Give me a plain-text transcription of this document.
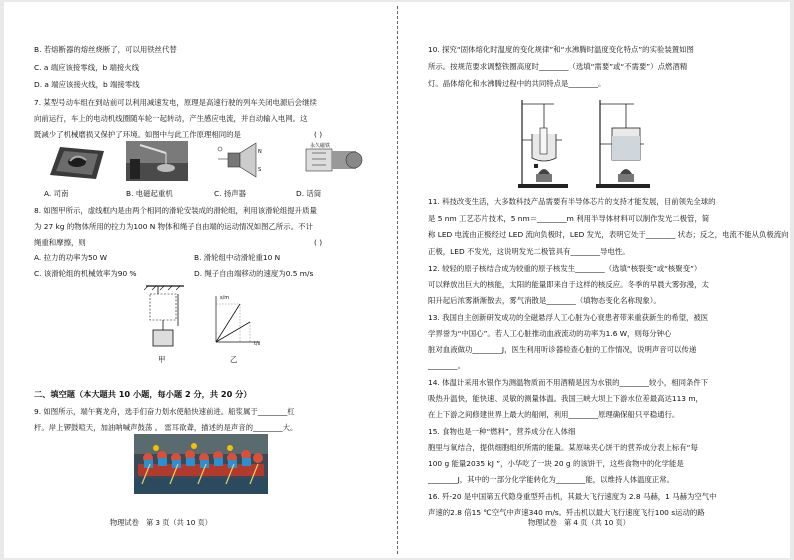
B. 若熔断器的熔丝烧断了，可以用铁丝代替
C. a 端应该接零线，b 端接火线
D. a 端应该接火线，b 端接零线
7. 某型号动车组在到站前可以利用减速发电，原理是高速行驶的列车关闭电源后会继续
向前运行，车上的电动机线圈随车轮一起转动，产生感应电流，并自动输入电网。这
既减少了机械磨损又保护了环境。如图中与此工作原理相同的是	( )
N
S
永久磁铁
A. 司南	B. 电磁起重机	C. 扬声器	D. 话筒
8. 如图甲所示，虚线框内是由两个相同的滑轮安装成的滑轮组，利用该滑轮组提升质量
为 27 kg 的物体所用的拉力为100 N 物体和绳子自由端的运动情况如图乙所示。不计
绳重和摩擦，则	( )
A. 拉力的功率为50 W	B. 滑轮组中动滑轮重10 N
C. 该滑轮组的机械效率为90 %	D. 绳子自由端移动的速度为0.5 m/s
甲
s/m
t/s
乙
二、填空题（本大题共 10 小题，每小题 2 分，共 20 分）
9. 如图所示，端午赛龙舟，选手们奋力划水使船快速前进。船浆属于________杠
杆。岸上锣鼓喧天，加油呐喊声鼓荡 。 雷耳欲聋，描述的是声音的________大。
物理试卷　第 3 页（共 10 页）
10. 探究“固体熔化时温度的变化规律”和“水沸腾时温度变化特点”的实验装置如图
所示。按规范要求调整铁圈高度时________（选填“需要”或“不需要”）点燃酒精
灯。晶体熔化和水沸腾过程中的共同特点是________。
11. 科技改变生活，大多数科技产品需要有半导体芯片的支持才能发展，目前领先全球的
是 5 nm 工艺芯片技术，5 nm＝________m 利用半导体材料可以制作发光二极管，简
称 LED 电流由正极经过 LED 流向负极时，LED 发光，表明它处于________ 状态；反之，电流不能从负极流向
正极，LED 不发光，这说明发光二极管具有________导电性。
12. 较轻的原子核结合成为较重的原子核发生________（选填“核裂变”或“核聚变”）
可以释放出巨大的核能，太阳的能量即来自于这样的核反应。冬季的早晨大雾弥漫，太
阳升起后浓雾渐渐散去，雾气消散是________（填物态变化名称现象）。
13. 我国自主创新研发成功的全磁悬浮人工心脏为心衰患者带来重获新生的希望，被医
学界誉为“中国心”。若人工心脏推动血液流动的功率为1.6 W，则每分钟心
脏对血液做功________J，医生利用听诊器检查心脏的工作情况，说明声音可以传递
________。
14. 体温计采用水银作为测温物质而不用酒精是因为水银的________较小，相同条件下
吸热升温快，能快速、灵敏的测量体温。我国三峡大坝上下游水位差最高达113 m，
在上下游之间修建世界上最大的船闸，利用________原理确保船只平稳通行。
15. 食物也是一种“燃料”，营养成分在人体细
胞里与氧结合，提供细胞组织所需的能量。某原味夹心饼干的营养成分表上标有“每
100 g 能量2035 kJ ”，小华吃了一块 20 g 的该饼干，这些食物中的化学能是
________J，其中的一部分化学能转化为________能，以维持人体温度正常。
16. 歼-20 是中国第五代隐身重型歼击机，其最大飞行速度为 2.8 马赫，1 马赫为空气中
声速的2.8 倍15 ℃空气中声速340 m/s。歼击机以最大飞行速度飞行100 s运动的路
物理试卷　第 4 页（共 10 页）
